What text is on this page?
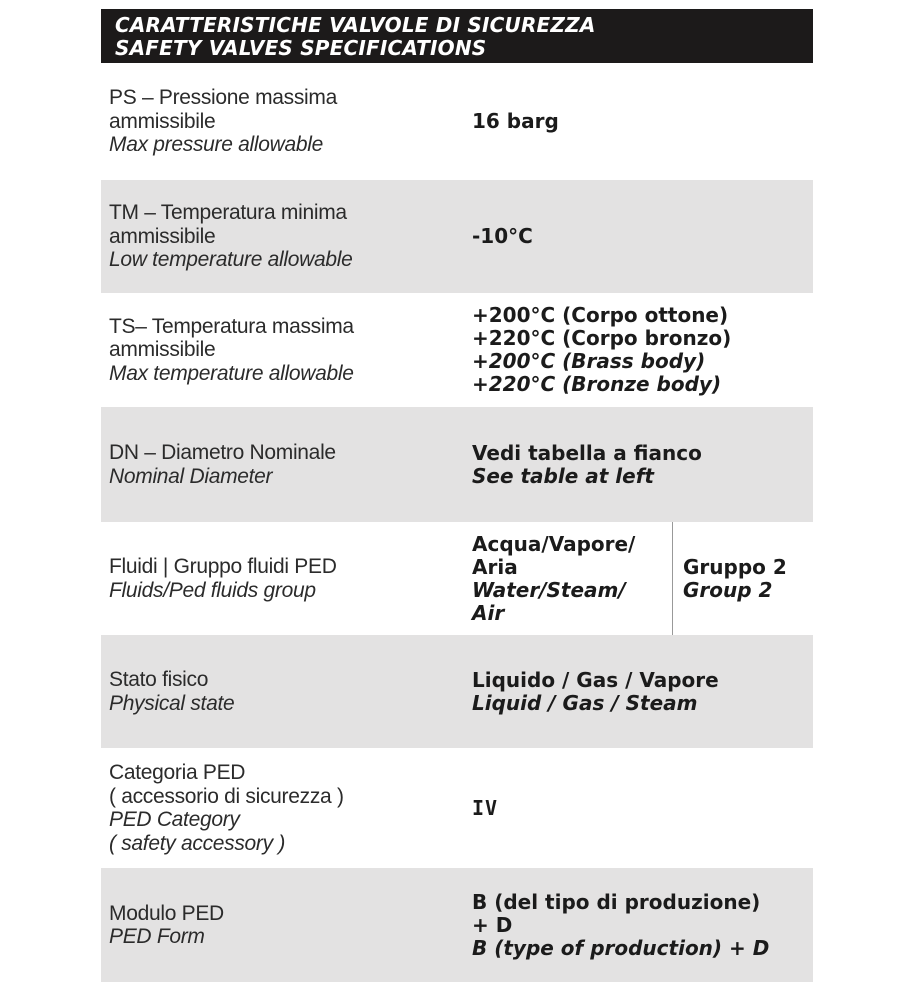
CARATTERISTICHE VALVOLE DI SICUREZZA
SAFETY VALVES SPECIFICATIONS
PS – Pressione massima
ammissibile
Max pressure allowable
16 barg
TM – Temperatura minima
ammissibile
Low temperature allowable
-10°C
TS– Temperatura massima
ammissibile
Max temperature allowable
+200°C (Corpo ottone)
+220°C (Corpo bronzo)
+200°C (Brass body)
+220°C (Bronze body)
DN – Diametro Nominale
Nominal Diameter
Vedi tabella a fianco
See table at left
Fluidi | Gruppo fluidi PED
Fluids/Ped fluids group
Acqua/Vapore/
Aria
Water/Steam/
Air
Gruppo 2
Group 2
Stato fisico
Physical state
Liquido / Gas / Vapore
Liquid / Gas / Steam
Categoria PED
( accessorio di sicurezza )
PED Category
( safety accessory )
IV
Modulo PED
PED Form
B (del tipo di produzione)
+ D
B (type of production) + D
